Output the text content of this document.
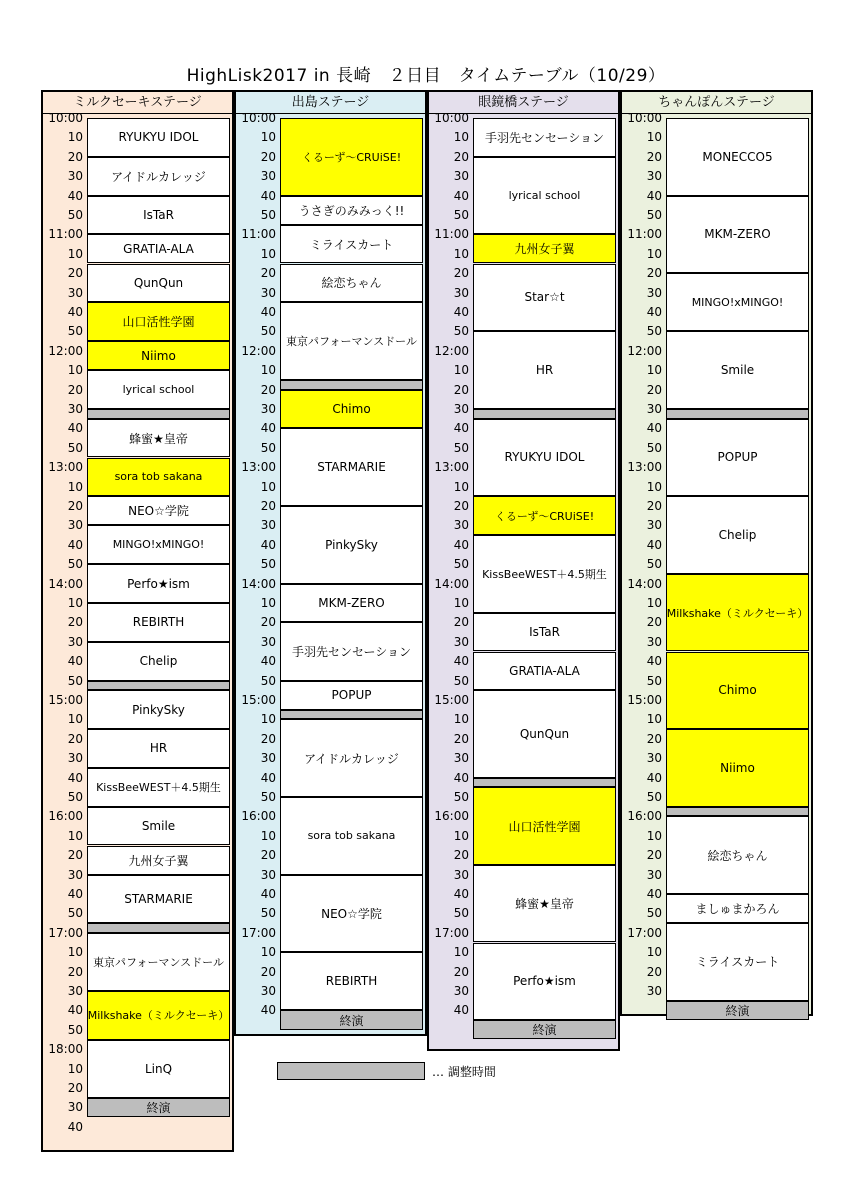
HighLisk2017 in 長崎　２日目　タイムテーブル（10/29）
ミルクセーキステージ
10:00
10
20
30
40
50
11:00
10
20
30
40
50
12:00
10
20
30
40
50
13:00
10
20
30
40
50
14:00
10
20
30
40
50
15:00
10
20
30
40
50
16:00
10
20
30
40
50
17:00
10
20
30
40
50
18:00
10
20
30
40
RYUKYU IDOL
アイドルカレッジ
IsTaR
GRATIA-ALA
QunQun
山口活性学園
Niimo
lyrical school
蜂蜜★皇帝
sora tob sakana
NEO☆学院
MINGO!xMINGO!
Perfo★ism
REBIRTH
Chelip
PinkySky
HR
KissBeeWEST＋4.5期生
Smile
九州女子翼
STARMARIE
東京パフォーマンスドール
Milkshake（ミルクセーキ）
LinQ
終演
出島ステージ
10:00
10
20
30
40
50
11:00
10
20
30
40
50
12:00
10
20
30
40
50
13:00
10
20
30
40
50
14:00
10
20
30
40
50
15:00
10
20
30
40
50
16:00
10
20
30
40
50
17:00
10
20
30
40
くるーず～CRUiSE!
うさぎのみみっく!!
ミライスカート
絵恋ちゃん
東京パフォーマンスドール
Chimo
STARMARIE
PinkySky
MKM-ZERO
手羽先センセーション
POPUP
アイドルカレッジ
sora tob sakana
NEO☆学院
REBIRTH
終演
眼鏡橋ステージ
10:00
10
20
30
40
50
11:00
10
20
30
40
50
12:00
10
20
30
40
50
13:00
10
20
30
40
50
14:00
10
20
30
40
50
15:00
10
20
30
40
50
16:00
10
20
30
40
50
17:00
10
20
30
40
手羽先センセーション
lyrical school
九州女子翼
Star☆t
HR
RYUKYU IDOL
くるーず～CRUiSE!
KissBeeWEST＋4.5期生
IsTaR
GRATIA-ALA
QunQun
山口活性学園
蜂蜜★皇帝
Perfo★ism
終演
ちゃんぽんステージ
10:00
10
20
30
40
50
11:00
10
20
30
40
50
12:00
10
20
30
40
50
13:00
10
20
30
40
50
14:00
10
20
30
40
50
15:00
10
20
30
40
50
16:00
10
20
30
40
50
17:00
10
20
30
MONECCO5
MKM-ZERO
MINGO!xMINGO!
Smile
POPUP
Chelip
Milkshake（ミルクセーキ）
Chimo
Niimo
絵恋ちゃん
ましゅまかろん
ミライスカート
終演
… 調整時間
